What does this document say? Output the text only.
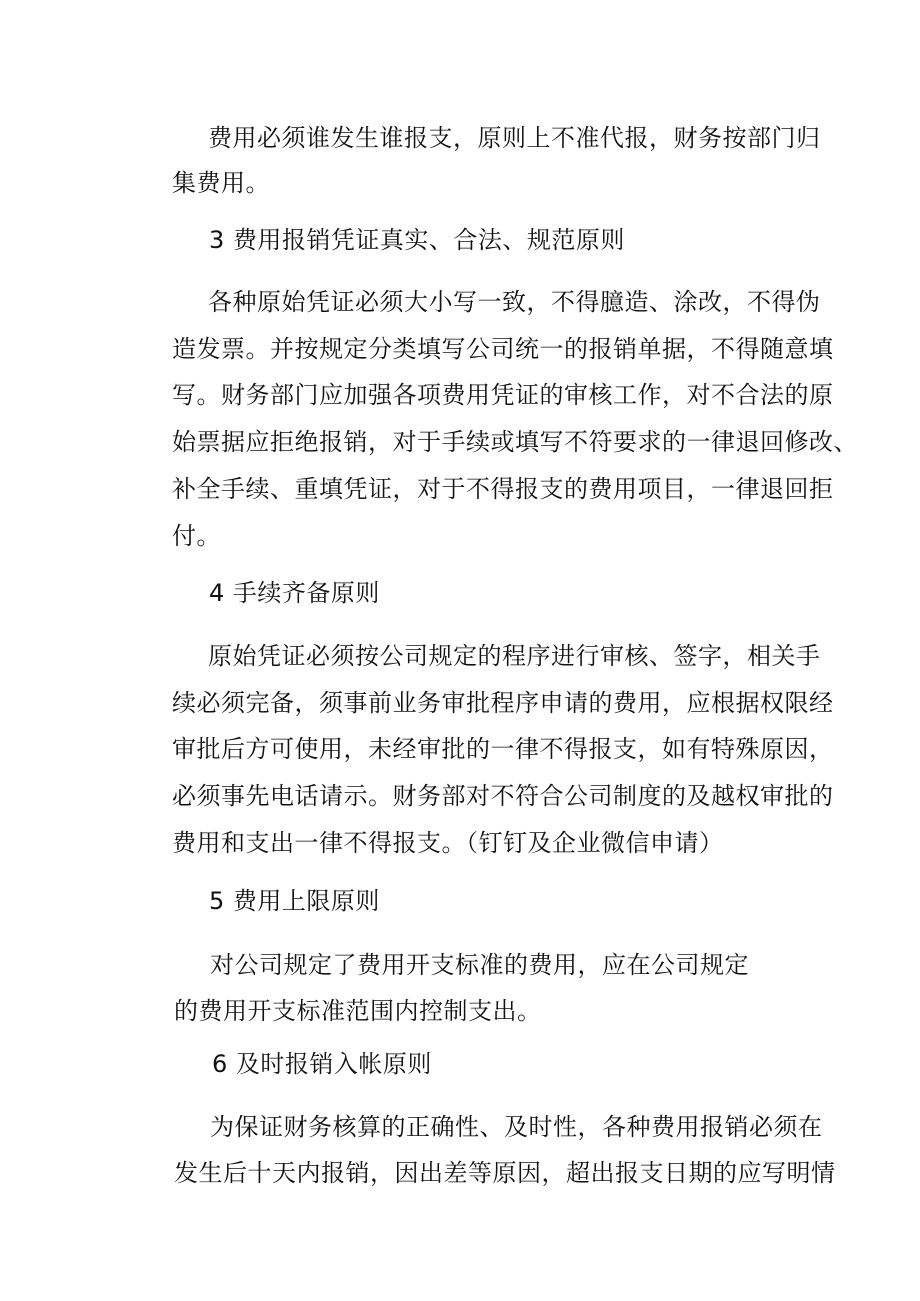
费用必须谁发生谁报支，原则上不准代报，财务按部门归
集费用。
3 费用报销凭证真实、合法、规范原则
各种原始凭证必须大小写一致，不得臆造、涂改，不得伪
造发票。并按规定分类填写公司统一的报销单据，不得随意填
写。财务部门应加强各项费用凭证的审核工作，对不合法的原
始票据应拒绝报销，对于手续或填写不符要求的一律退回修改、
补全手续、重填凭证，对于不得报支的费用项目，一律退回拒
付。
4 手续齐备原则
原始凭证必须按公司规定的程序进行审核、签字，相关手
续必须完备，须事前业务审批程序申请的费用，应根据权限经
审批后方可使用，未经审批的一律不得报支，如有特殊原因，
必须事先电话请示。财务部对不符合公司制度的及越权审批的
费用和支出一律不得报支。（钉钉及企业微信申请）
5 费用上限原则
对公司规定了费用开支标准的费用，应在公司规定
的费用开支标准范围内控制支出。
6 及时报销入帐原则
为保证财务核算的正确性、及时性，各种费用报销必须在
发生后十天内报销，因出差等原因，超出报支日期的应写明情
